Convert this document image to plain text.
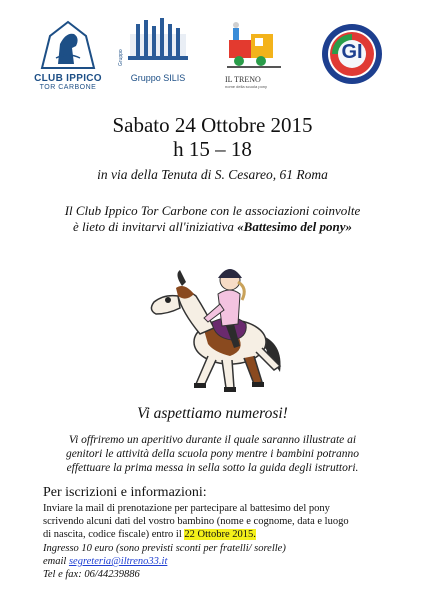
CLUB IPPICO
TOR CARBONE
Gruppo SILIS
Gruppo
IL TRENO
nome della scuola pony
GI
Sabato 24 Ottobre 2015
h 15 – 18
in via della Tenuta di S. Cesareo, 61 Roma
Il Club Ippico Tor Carbone con le associazioni coinvolte
è lieto di invitarvi all'iniziativa «Battesimo del pony»
Vi aspettiamo numerosi!
Vi offriremo un aperitivo durante il quale saranno illustrate ai
genitori le attività della scuola pony mentre i bambini potranno
effettuare la prima messa in sella sotto la guida degli istruttori.
Per iscrizioni e informazioni:
Inviare la mail di prenotazione per partecipare al battesimo del pony
scrivendo alcuni dati del vostro bambino (nome e cognome, data e luogo
di nascita, codice fiscale) entro il 22 Ottobre 2015.
Ingresso 10 euro (sono previsti sconti per fratelli/ sorelle)
email segreteria@iltreno33.it
Tel e fax: 06/44239886
